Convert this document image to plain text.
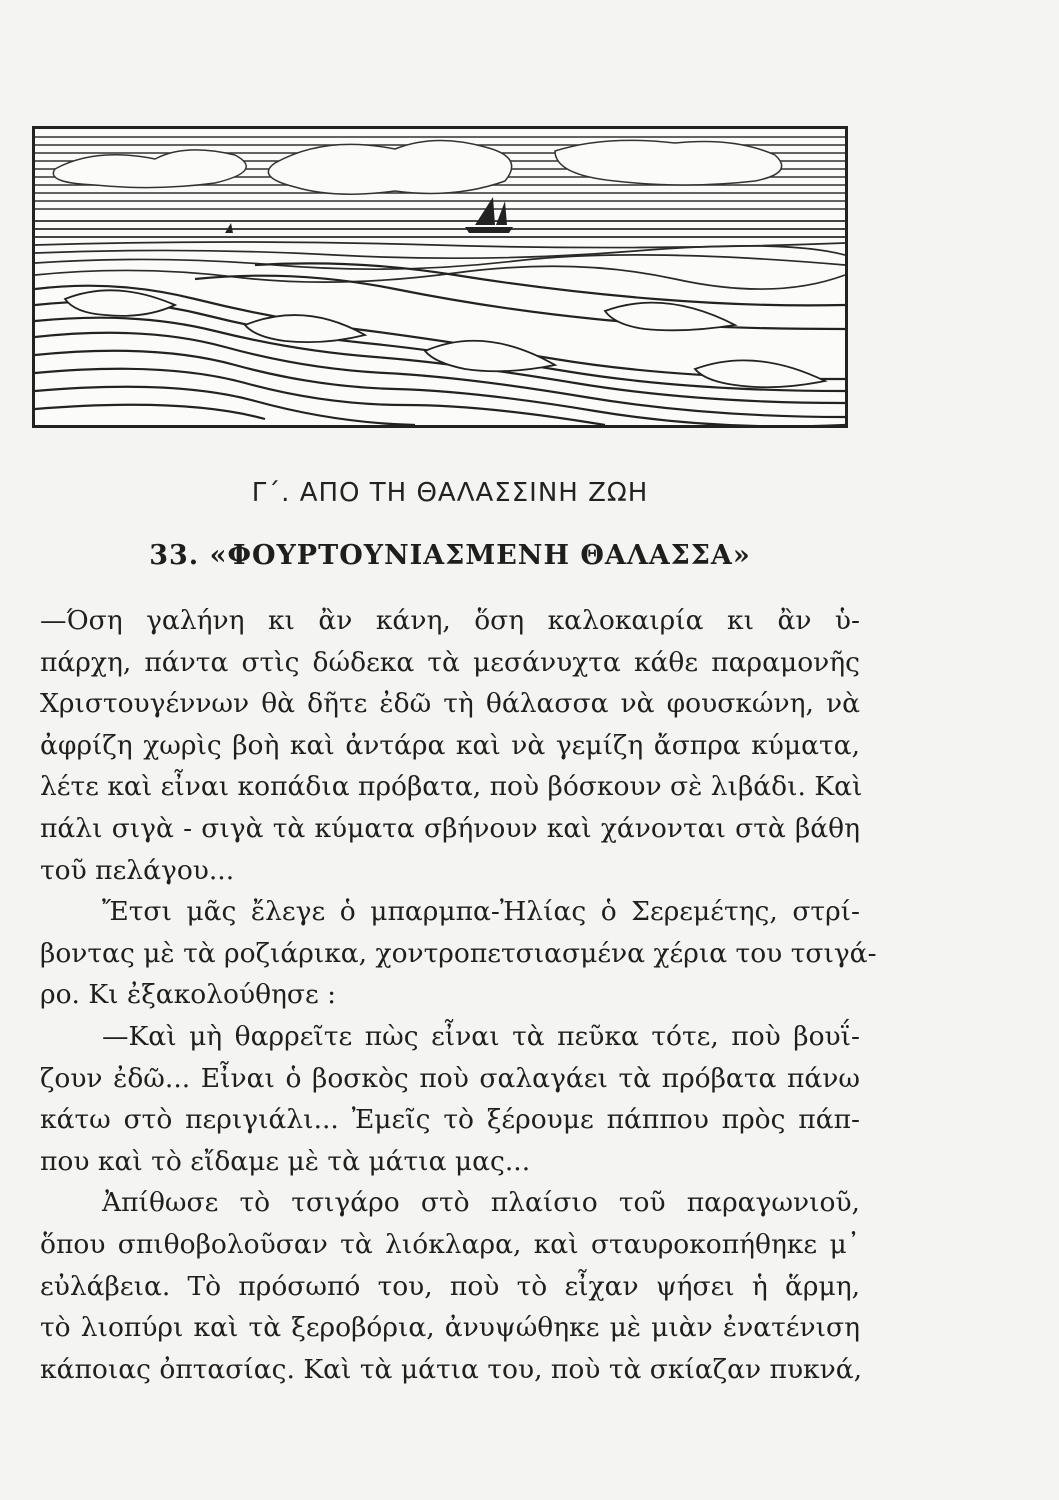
Γ΄. ΑΠΟ ΤΗ ΘΑΛΑΣΣΙΝΗ ΖΩΗ
33. «ΦΟΥΡΤΟΥΝΙΑΣΜΕΝΗ ΘΑΛΑΣΣΑ»
—Όση γαλήνη κι ἂν κάνη, ὅση καλοκαιρία κι ἂν ὑ-
πάρχη, πάντα στὶς δώδεκα τὰ μεσάνυχτα κάθε παραμονῆς
Χριστουγέννων θὰ δῆτε ἐδῶ τὴ θάλασσα νὰ φουσκώνη, νὰ
ἀφρίζη χωρὶς βοὴ καὶ ἀντάρα καὶ νὰ γεμίζη ἄσπρα κύματα,
λέτε καὶ εἶναι κοπάδια πρόβατα, ποὺ βόσκουν σὲ λιβάδι. Καὶ
πάλι σιγὰ - σιγὰ τὰ κύματα σβήνουν καὶ χάνονται στὰ βάθη
τοῦ πελάγου...
Ἔτσι μᾶς ἔλεγε ὁ μπαρμπα-Ἠλίας ὁ Σερεμέτης, στρί-
βοντας μὲ τὰ ροζιάρικα, χοντροπετσιασμένα χέρια του τσιγά-
ρο. Κι ἐξακολούθησε :
—Καὶ μὴ θαρρεῖτε πὼς εἶναι τὰ πεῦκα τότε, ποὺ βουΐ-
ζουν ἐδῶ... Εἶναι ὁ βοσκὸς ποὺ σαλαγάει τὰ πρόβατα πάνω
κάτω στὸ περιγιάλι... Ἐμεῖς τὸ ξέρουμε πάππου πρὸς πάπ-
που καὶ τὸ εἴδαμε μὲ τὰ μάτια μας...
Ἀπίθωσε τὸ τσιγάρο στὸ πλαίσιο τοῦ παραγωνιοῦ,
ὅπου σπιθοβολοῦσαν τὰ λιόκλαρα, καὶ σταυροκοπήθηκε μ᾽
εὐλάβεια. Τὸ πρόσωπό του, ποὺ τὸ εἶχαν ψήσει ἡ ἅρμη,
τὸ λιοπύρι καὶ τὰ ξεροβόρια, ἀνυψώθηκε μὲ μιὰν ἐνατένιση
κάποιας ὀπτασίας. Καὶ τὰ μάτια του, ποὺ τὰ σκίαζαν πυκνά,
